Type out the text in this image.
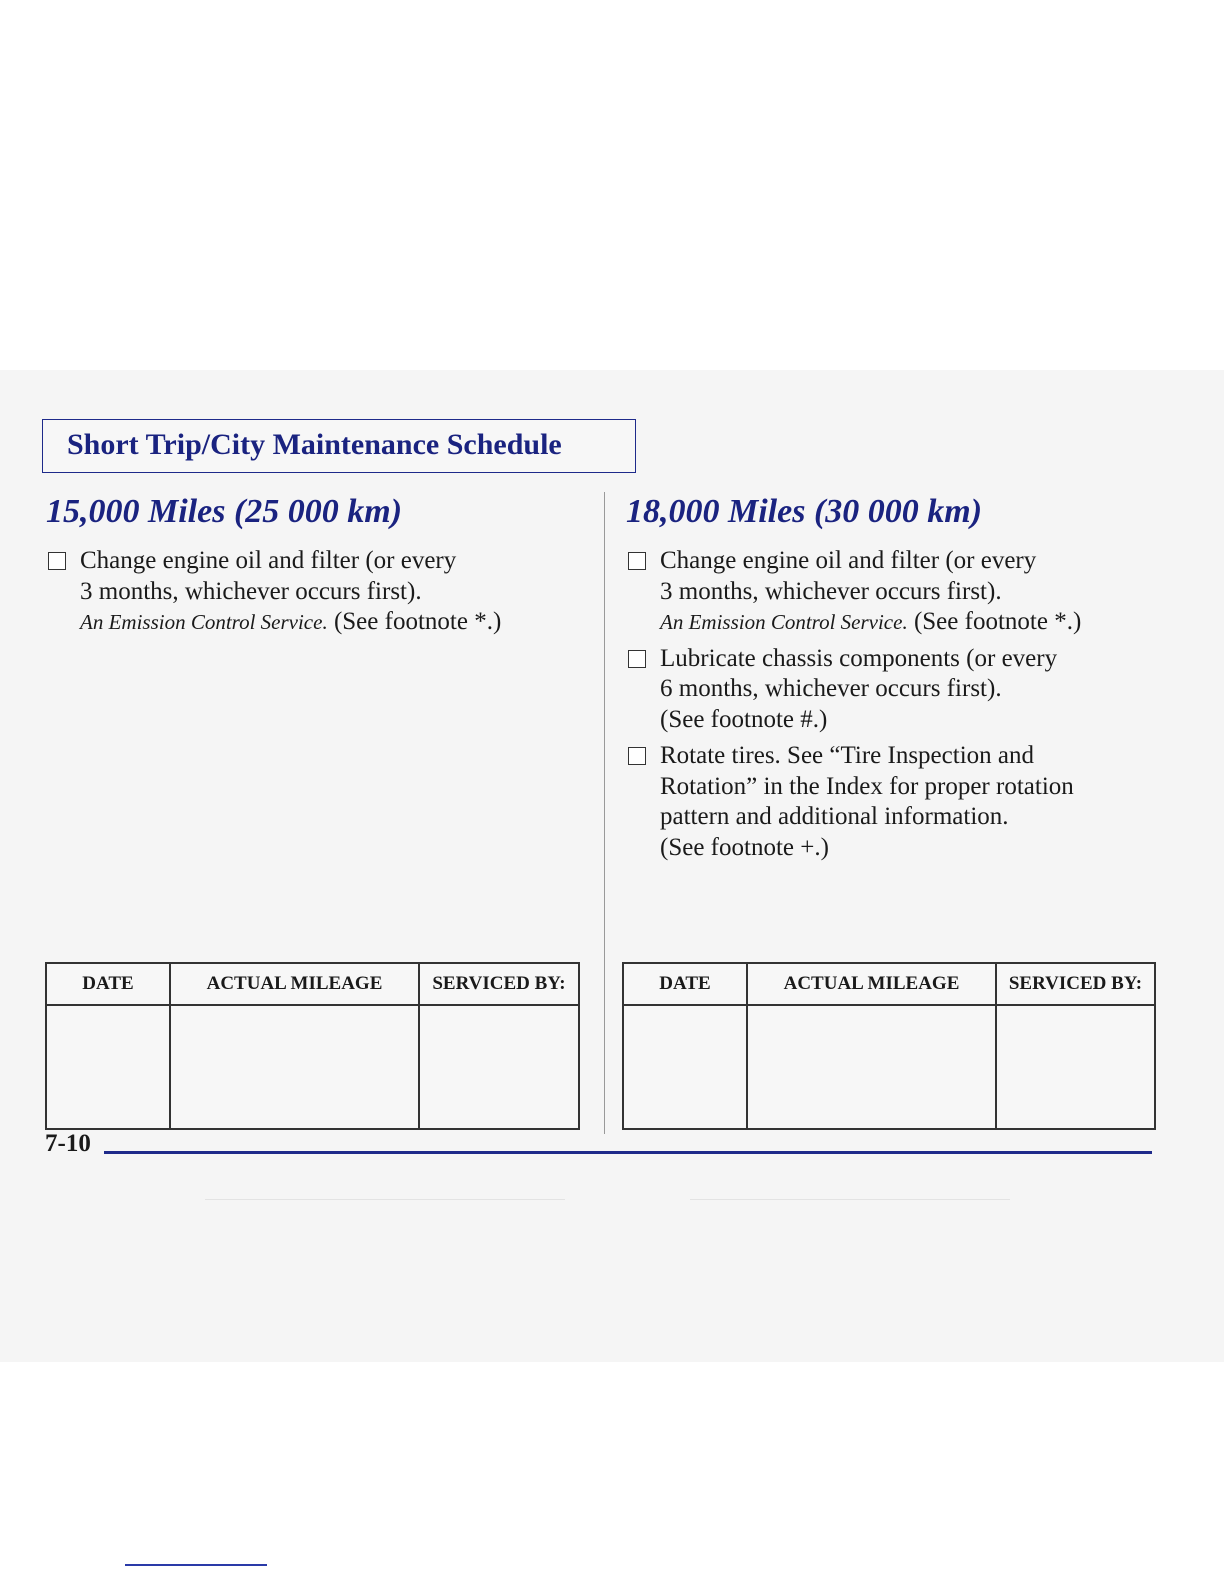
Short Trip/City Maintenance Schedule
15,000 Miles (25 000 km)
Change engine oil and filter (or every
3 months, whichever occurs first).
An Emission Control Service. (See footnote *.)
18,000 Miles (30 000 km)
Change engine oil and filter (or every
3 months, whichever occurs first).
An Emission Control Service. (See footnote *.)
Lubricate chassis components (or every
6 months, whichever occurs first).
(See footnote #.)
Rotate tires. See “Tire Inspection and
Rotation” in the Index for proper rotation
pattern and additional information.
(See footnote +.)
DATE	ACTUAL MILEAGE	SERVICED BY:
			DATE	ACTUAL MILEAGE	SERVICED BY:

7-10
